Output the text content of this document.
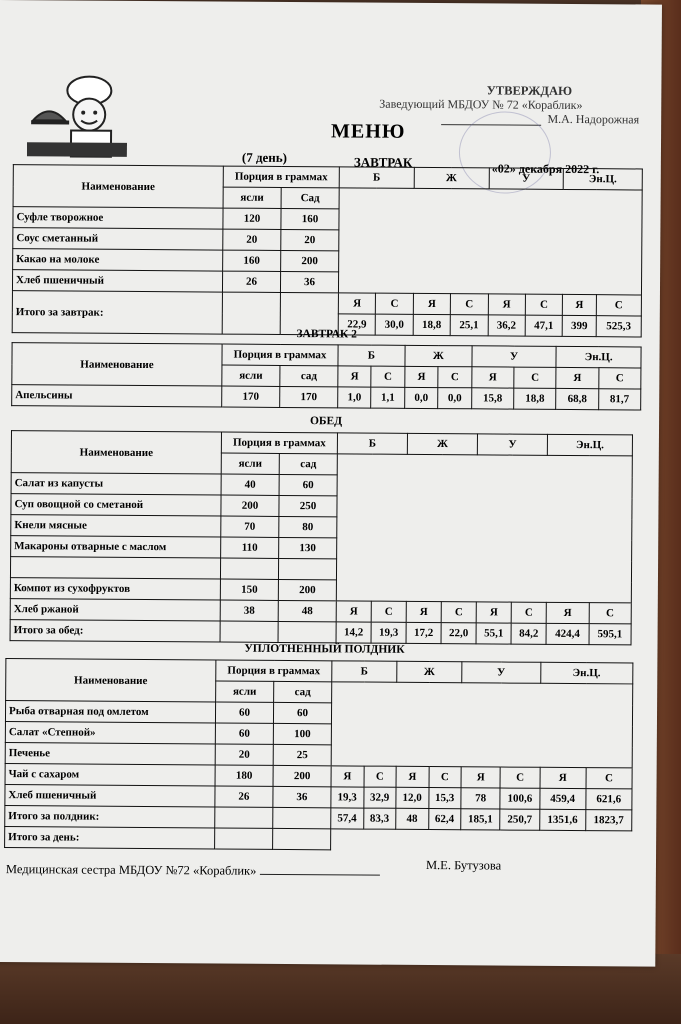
УТВЕРЖДАЮ
Заведующий МБДОУ № 72 «Кораблик»
М.А. Надорожная
МЕНЮ
(7 день)	ЗАВТРАК	«02» декабря 2022 г.
Наименование	Порция в граммах		Б		Ж		У		Эн.Ц.	
	ясли	Сад								
Суфле творожное	120	160								
Соус сметанный	20	20								
Какао на молоке	160	200								
Хлеб пшеничный	26	36								
Итого за завтрак:			Я	С	Я	С	Я	С	Я	С
			22,9	30,0	18,8	25,1	36,2	47,1	399	525,3
ЗАВТРАК 2
Наименование	Порция в граммах		Б		Ж		У		Эн.Ц.	
	ясли	сад	Я	С	Я	С	Я	С	Я	С
Апельсины	170	170	1,0	1,1	0,0	0,0	15,8	18,8	68,8	81,7
ОБЕД
Наименование	Порция в граммах		Б		Ж		У		Эн.Ц.	
	ясли	сад								
Салат из капусты	40	60								
Суп овощной со сметаной	200	250								
Кнели мясные	70	80								
Макароны отварные с маслом	110	130								

Компот из сухофруктов	150	200								
Хлеб ржаной	38	48	Я	С	Я	С	Я	С	Я	С
Итого за обед:			14,2	19,3	17,2	22,0	55,1	84,2	424,4	595,1
УПЛОТНЕННЫЙ ПОЛДНИК
Наименование	Порция в граммах		Б		Ж		У		Эн.Ц.	
	ясли	сад								
Рыба отварная под омлетом	60	60								
Салат «Степной»	60	100								
Печенье	20	25								
Чай с сахаром	180	200	Я	С	Я	С	Я	С	Я	С
Хлеб пшеничный	26	36	19,3	32,9	12,0	15,3	78	100,6	459,4	621,6
Итого за полдник:			57,4	83,3	48	62,4	185,1	250,7	1351,6	1823,7
Итого за день:										
Медицинская сестра МБДОУ №72 «Кораблик»	М.Е. Бутузова
